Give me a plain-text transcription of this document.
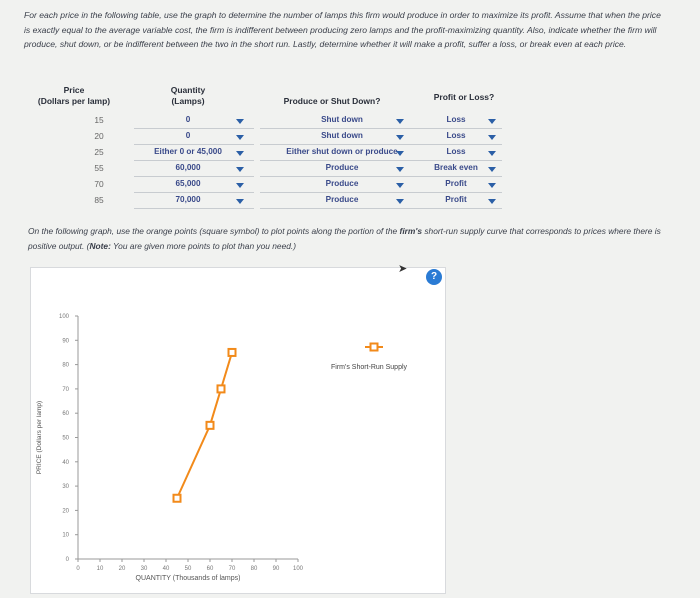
For each price in the following table, use the graph to determine the number of lamps this firm would produce in order to maximize its profit. Assume that when the price is exactly equal to the average variable cost, the firm is indifferent between producing zero lamps and the profit-maximizing quantity. Also, indicate whether the firm will produce, shut down, or be indifferent between the two in the short run. Lastly, determine whether it will make a profit, suffer a loss, or break even at each price.
Price
(Dollars per lamp)
Quantity
(Lamps)	Produce or Shut Down?	Profit or Loss?
15	0	Shut down	Loss
20	0	Shut down	Loss
25	Either 0 or 45,000	Either shut down or produce	Loss
55	60,000	Produce	Break even
70	65,000	Produce	Profit
85	70,000	Produce	Profit
On the following graph, use the orange points (square symbol) to plot points along the portion of the firm's short-run supply curve that corresponds to prices where there is positive output. (Note: You are given more points to plot than you need.)
0
10
20
30
40
50
60
70
80
90
100
0	10	20	30	40	50	60	70	80	90 100
QUANTITY (Thousands of lamps)
PRICE (Dollars per lamp)
Firm's Short-Run Supply
➤
?
